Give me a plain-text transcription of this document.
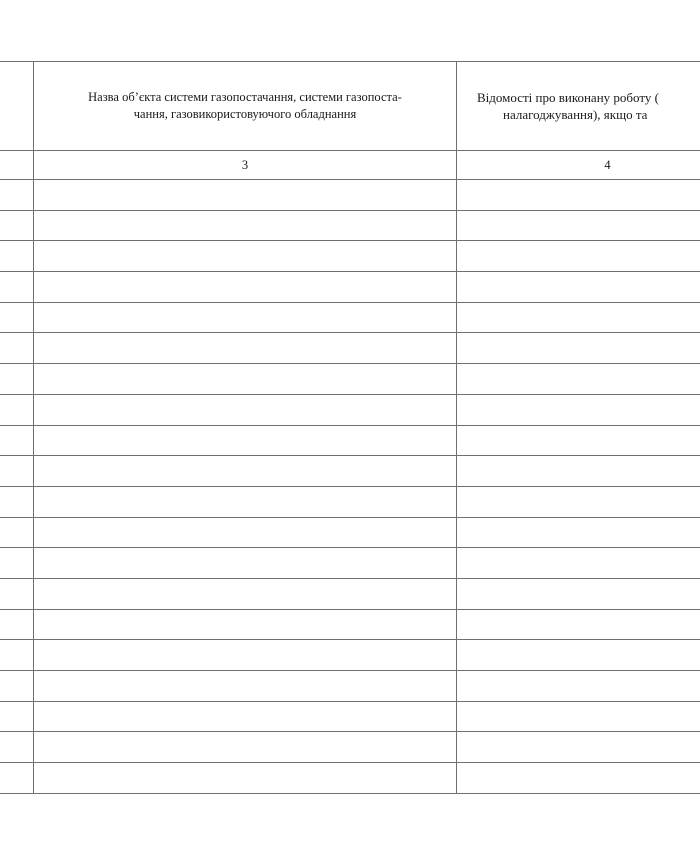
	Назва об’єкта системи газопостачання, системи газопоста-
чання, газовикористовуючого обладнання	Відомості про виконану роботу (
налагоджування), якщо та

	3	4
